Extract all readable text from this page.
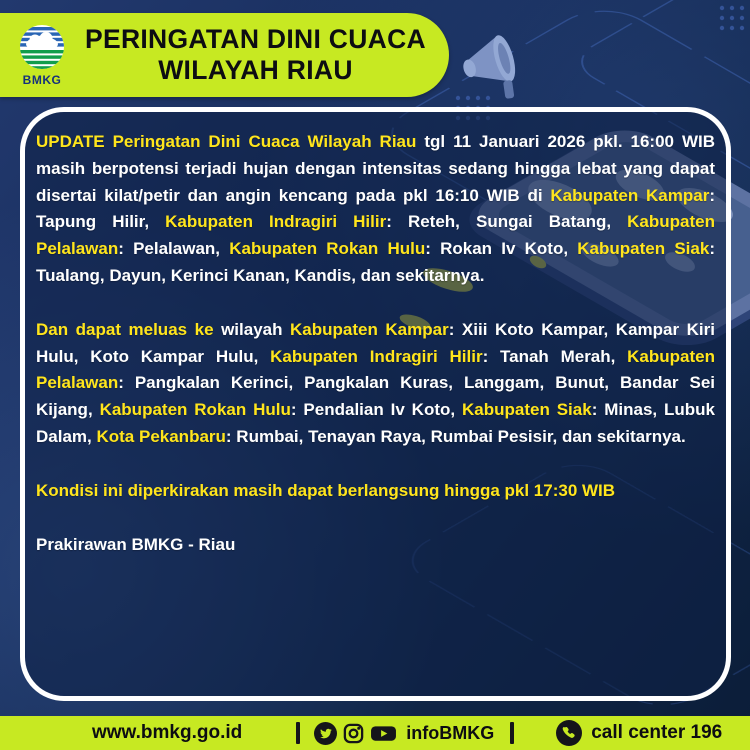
BMKG
PERINGATAN DINI CUACA
WILAYAH RIAU

UPDATE Peringatan Dini Cuaca Wilayah Riau tgl 11 Januari 2026 pkl. 16:00 WIB masih berpotensi terjadi hujan dengan intensitas sedang hingga lebat yang dapat disertai kilat/petir dan angin kencang pada pkl 16:10 WIB di Kabupaten Kampar: Tapung Hilir, Kabupaten Indragiri Hilir: Reteh, Sungai Batang, Kabupaten Pelalawan: Pelalawan, Kabupaten Rokan Hulu: Rokan Iv Koto, Kabupaten Siak: Tualang, Dayun, Kerinci Kanan, Kandis, dan sekitarnya.

Dan dapat meluas ke wilayah Kabupaten Kampar: Xiii Koto Kampar, Kampar Kiri Hulu, Koto Kampar Hulu, Kabupaten Indragiri Hilir: Tanah Merah, Kabupaten Pelalawan: Pangkalan Kerinci, Pangkalan Kuras, Langgam, Bunut, Bandar Sei Kijang, Kabupaten Rokan Hulu: Pendalian Iv Koto, Kabupaten Siak: Minas, Lubuk Dalam, Kota Pekanbaru: Rumbai, Tenayan Raya, Rumbai Pesisir, dan sekitarnya.

Kondisi ini diperkirakan masih dapat berlangsung hingga pkl 17:30 WIB

Prakirawan BMKG - Riau

www.bmkg.go.id	infoBMKG	call center 196
